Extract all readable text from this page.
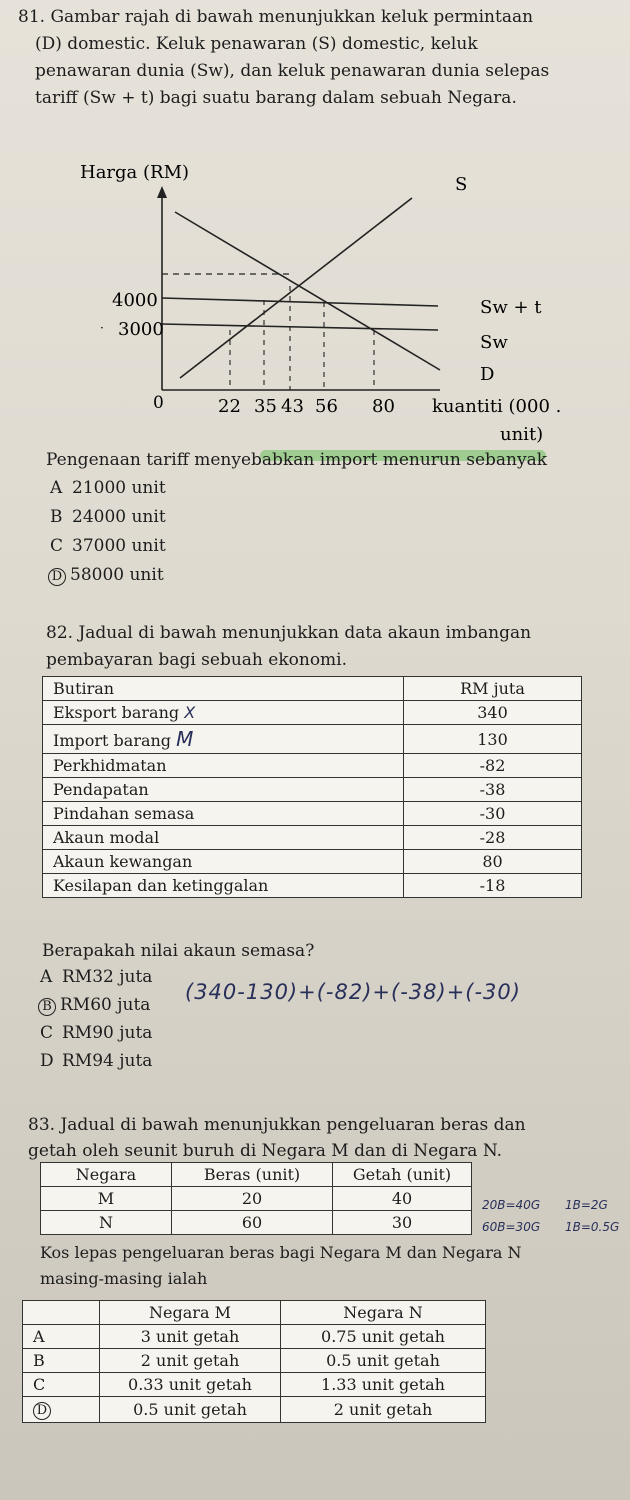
81. Gambar rajah di bawah menunjukkan keluk permintaan
(D) domestic. Keluk penawaran (S) domestic, keluk
penawaran dunia (Sw), dan keluk penawaran dunia selepas
tariff (Sw + t) bagi suatu barang dalam sebuah Negara.
Harga (RM)
S
D
Sw + t
Sw
4000
3000
·
0	22 35 43 56 80 kuantiti (000 .
unit)
Pengenaan tariff menyebabkan import menurun sebanyak
A 21000 unit
B 24000 unit
C 37000 unit
D 58000 unit
82. Jadual di bawah menunjukkan data akaun imbangan
pembayaran bagi sebuah ekonomi.
Butiran	RM juta
Eksport barang X	340
Import barang M	130
Perkhidmatan	-82
Pendapatan	-38
Pindahan semasa	-30
Akaun modal	-28
Akaun kewangan	80
Kesilapan dan ketinggalan	-18
Berapakah nilai akaun semasa?
A RM32 juta
B RM60 juta
C RM90 juta
D RM94 juta
(340-130)+(-82)+(-38)+(-30)
83. Jadual di bawah menunjukkan pengeluaran beras dan
getah oleh seunit buruh di Negara M dan di Negara N.
Negara	Beras (unit)	Getah (unit)
M	20	40
N	60	30
20B=40G 1B=2G
60B=30G 1B=0.5G
Kos lepas pengeluaran beras bagi Negara M dan Negara N
masing-masing ialah
	Negara M	Negara N
A	3 unit getah	0.75 unit getah
B	2 unit getah	0.5 unit getah
C	0.33 unit getah	1.33 unit getah
D	0.5 unit getah	2 unit getah
